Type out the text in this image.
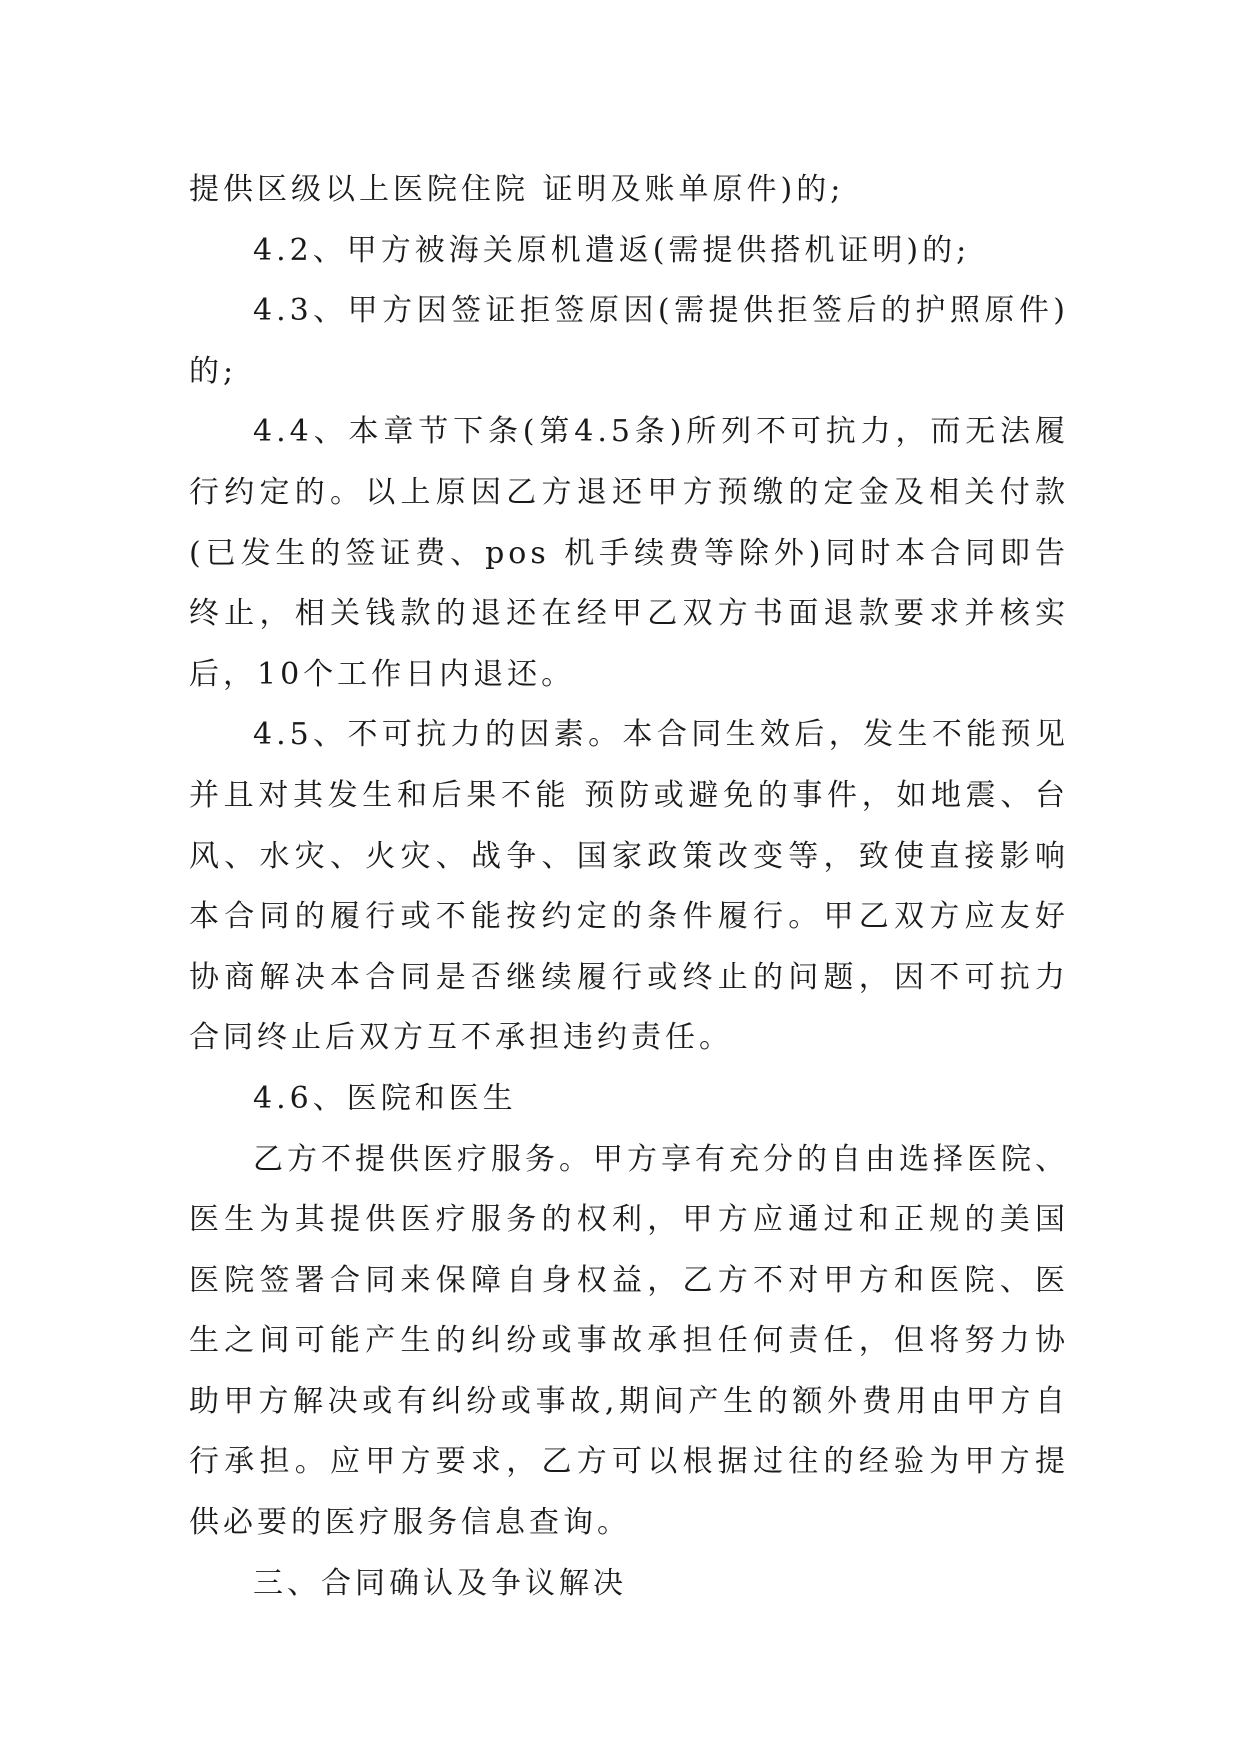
提供区级以上医院住院 证明及账单原件)的;

4.2、甲方被海关原机遣返(需提供搭机证明)的;

4.3、甲方因签证拒签原因(需提供拒签后的护照原件)的;

4.4、本章节下条(第4.5条)所列不可抗力，而无法履行约定的。以上原因乙方退还甲方预缴的定金及相关付款(已发生的签证费、pos 机手续费等除外)同时本合同即告终止，相关钱款的退还在经甲乙双方书面退款要求并核实后，10个工作日内退还。

4.5、不可抗力的因素。本合同生效后，发生不能预见并且对其发生和后果不能 预防或避免的事件，如地震、台风、水灾、火灾、战争、国家政策改变等，致使直接影响本合同的履行或不能按约定的条件履行。甲乙双方应友好协商解决本合同是否继续履行或终止的问题，因不可抗力合同终止后双方互不承担违约责任。

4.6、医院和医生

乙方不提供医疗服务。甲方享有充分的自由选择医院、医生为其提供医疗服务的权利，甲方应通过和正规的美国医院签署合同来保障自身权益，乙方不对甲方和医院、医生之间可能产生的纠纷或事故承担任何责任，但将努力协助甲方解决或有纠纷或事故,期间产生的额外费用由甲方自行承担。应甲方要求，乙方可以根据过往的经验为甲方提供必要的医疗服务信息查询。

三、合同确认及争议解决
